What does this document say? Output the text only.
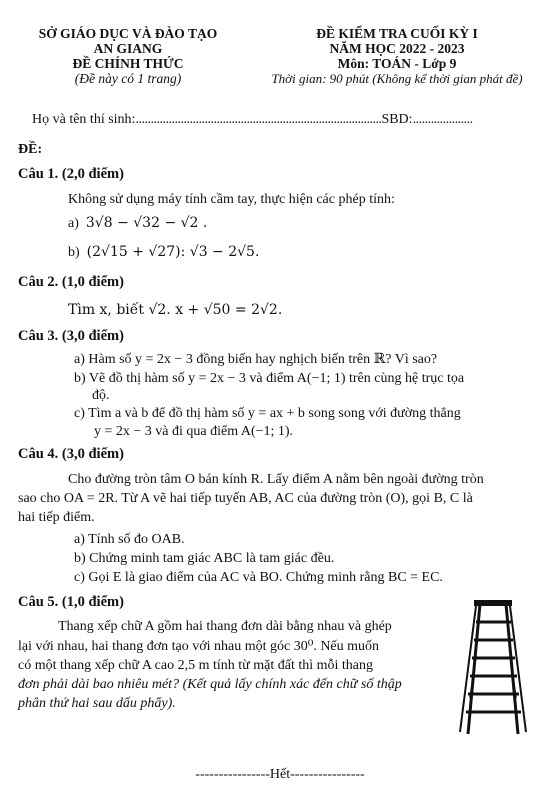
SỞ GIÁO DỤC VÀ ĐÀO TẠO
AN GIANG
ĐỀ CHÍNH THỨC
(Đề này có 1 trang)
ĐỀ KIỂM TRA CUỐI KỲ I
NĂM HỌC 2022 - 2023
Môn: TOÁN - Lớp 9
Thời gian: 90 phút (Không kể thời gian phát đề)
Họ và tên thí sinh:..................................................................................SBD:....................
ĐỀ:
Câu 1. (2,0 điểm)
Không sử dụng máy tính cầm tay, thực hiện các phép tính:
a) 3√8 − √32 − √2 .
b) (2√15 + √27): √3 − 2√5.
Câu 2. (1,0 điểm)
Tìm x, biết √2. x + √50 = 2√2.
Câu 3. (3,0 điểm)
a) Hàm số y = 2x − 3 đồng biến hay nghịch biến trên ℝ? Vì sao?
b) Vẽ đồ thị hàm số y = 2x − 3 và điểm A(−1; 1) trên cùng hệ trục tọa
độ.
c) Tìm a và b để đồ thị hàm số y = ax + b song song với đường thẳng
y = 2x − 3 và đi qua điểm A(−1; 1).
Câu 4. (3,0 điểm)
Cho đường tròn tâm O bán kính R. Lấy điểm A nằm bên ngoài đường tròn
sao cho OA = 2R. Từ A vẽ hai tiếp tuyến AB, AC của đường tròn (O), gọi B, C là
hai tiếp điểm.
a) Tính số đo OAB.
b) Chứng minh tam giác ABC là tam giác đều.
c) Gọi E là giao điểm của AC và BO. Chứng minh rằng BC = EC.
Câu 5. (1,0 điểm)
Thang xếp chữ A gồm hai thang đơn dài bằng nhau và ghép
lại với nhau, hai thang đơn tạo với nhau một góc 30⁰. Nếu muốn
có một thang xếp chữ A cao 2,5 m tính từ mặt đất thì mỗi thang
đơn phải dài bao nhiêu mét? (Kết quả lấy chính xác đến chữ số thập
phân thứ hai sau dấu phẩy).
----------------Hết----------------
